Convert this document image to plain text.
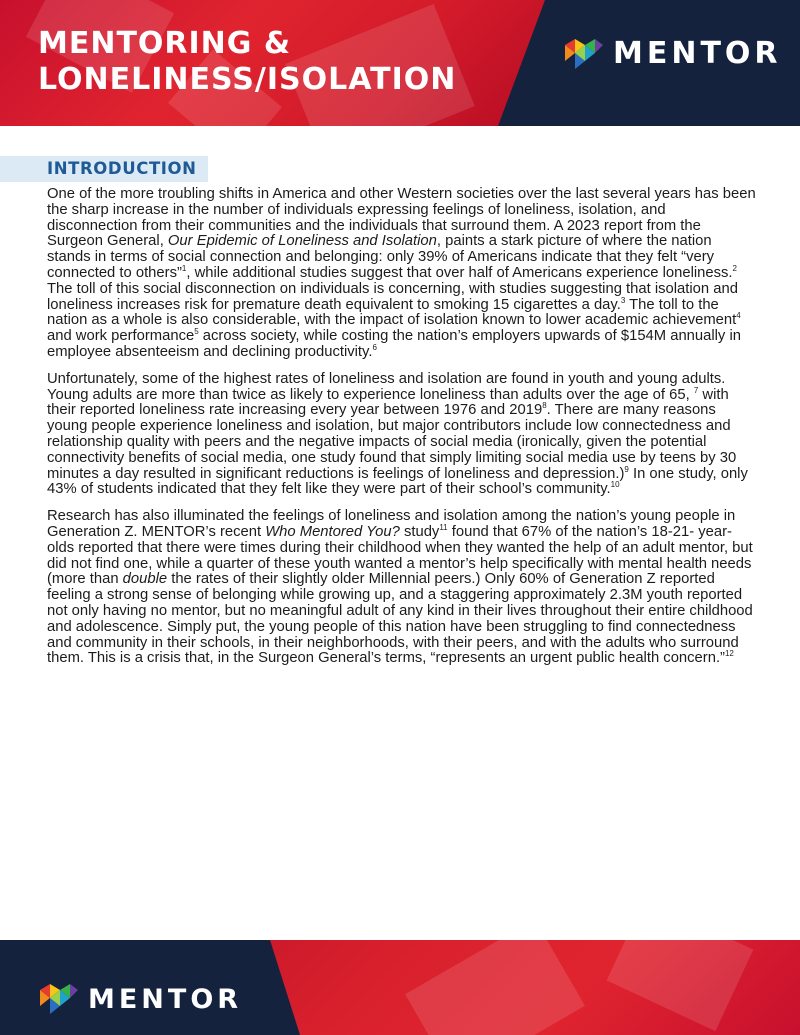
MENTORING &
LONELINESS/ISOLATION
MENTOR
INTRODUCTION

One of the more troubling shifts in America and other Western societies over the last several years has been the sharp increase in the number of individuals expressing feelings of loneliness, isolation, and disconnection from their communities and the individuals that surround them. A 2023 report from the Surgeon General, Our Epidemic of Loneliness and Isolation, paints a stark picture of where the nation stands in terms of social connection and belonging: only 39% of Americans indicate that they felt “very connected to others”$^1$, while additional studies suggest that over half of Americans experience loneliness.$^2$ The toll of this social disconnection on individuals is concerning, with studies suggesting that isolation and loneliness increases risk for premature death equivalent to smoking 15 cigarettes a day.$^3$ The toll to the nation as a whole is also considerable, with the impact of isolation known to lower academic achievement$^4$ and work performance$^5$ across society, while costing the nation’s employers upwards of $154M annually in employee absenteeism and declining productivity.$^6$

Unfortunately, some of the highest rates of loneliness and isolation are found in youth and young adults. Young adults are more than twice as likely to experience loneliness than adults over the age of 65, $^7$ with their reported loneliness rate increasing every year between 1976 and 2019$^8$. There are many reasons young people experience loneliness and isolation, but major contributors include low connectedness and relationship quality with peers and the negative impacts of social media (ironically, given the potential connectivity benefits of social media, one study found that simply limiting social media use by teens by 30 minutes a day resulted in significant reductions is feelings of loneliness and depression.)$^9$ In one study, only 43% of students indicated that they felt like they were part of their school’s community.$^{10}$

Research has also illuminated the feelings of loneliness and isolation among the nation’s young people in Generation Z. MENTOR’s recent Who Mentored You? study$^{11}$ found that 67% of the nation’s 18-21- year-olds reported that there were times during their childhood when they wanted the help of an adult mentor, but did not find one, while a quarter of these youth wanted a mentor’s help specifically with mental health needs (more than double the rates of their slightly older Millennial peers.) Only 60% of Generation Z reported feeling a strong sense of belonging while growing up, and a staggering approximately 2.3M youth reported not only having no mentor, but no meaningful adult of any kind in their lives throughout their entire childhood and adolescence. Simply put, the young people of this nation have been struggling to find connectedness and community in their schools, in their neighborhoods, with their peers, and with the adults who surround them. This is a crisis that, in the Surgeon General’s terms, “represents an urgent public health concern.”$^{12}$

MENTOR
